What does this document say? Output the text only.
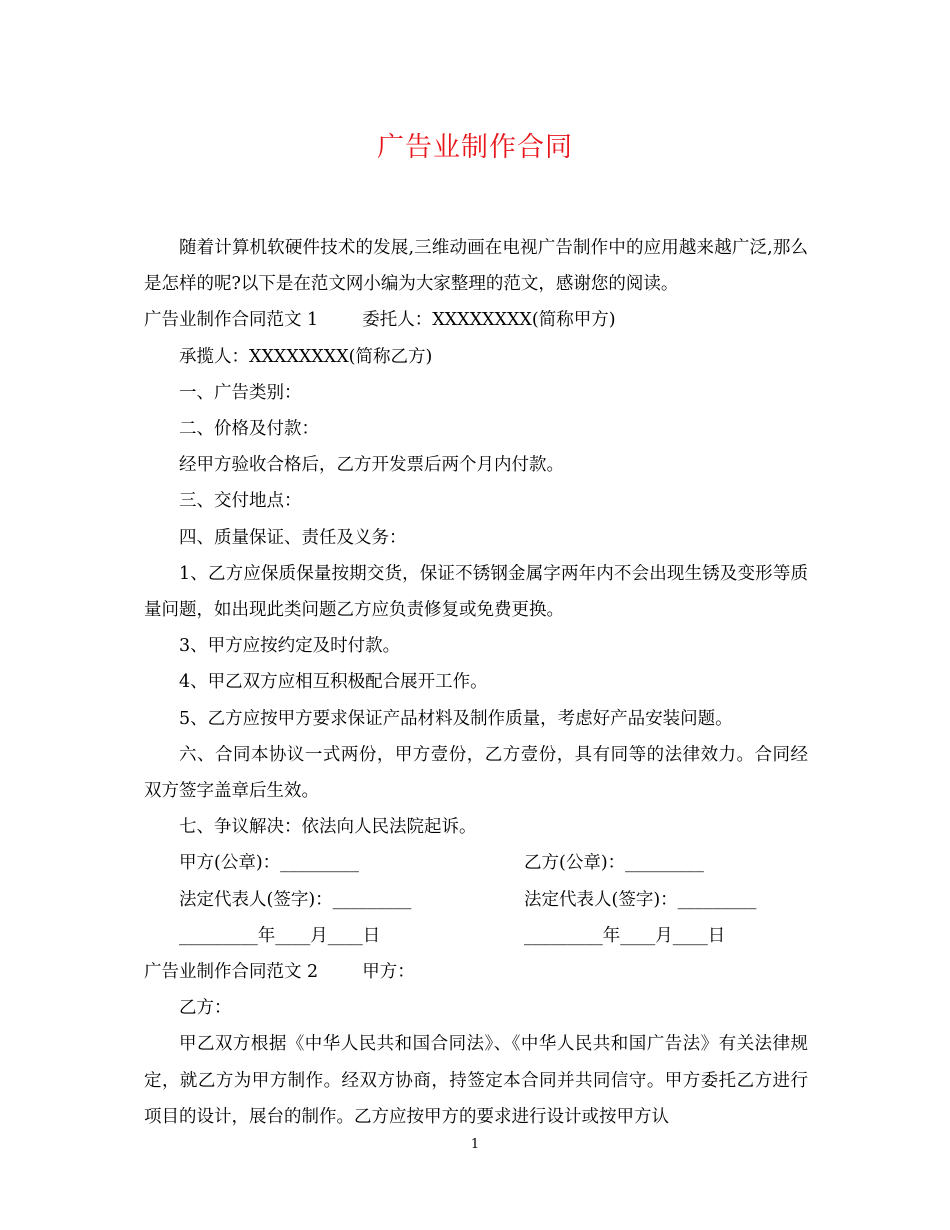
广告业制作合同

随着计算机软硬件技术的发展,三维动画在电视广告制作中的应用越来越广泛,那么是怎样的呢?以下是在范文网小编为大家整理的范文，感谢您的阅读。

广告业制作合同范文 1	委托人：XXXXXXXX(简称甲方)

承揽人：XXXXXXXX(简称乙方)

一、广告类别：

二、价格及付款：

经甲方验收合格后，乙方开发票后两个月内付款。

三、交付地点：

四、质量保证、责任及义务：

1、乙方应保质保量按期交货，保证不锈钢金属字两年内不会出现生锈及变形等质量问题，如出现此类问题乙方应负责修复或免费更换。

3、甲方应按约定及时付款。

4、甲乙双方应相互积极配合展开工作。

5、乙方应按甲方要求保证产品材料及制作质量，考虑好产品安装问题。

六、合同本协议一式两份，甲方壹份，乙方壹份，具有同等的法律效力。合同经双方签字盖章后生效。

七、争议解决：依法向人民法院起诉。

甲方(公章)：_________	乙方(公章)：_________
法定代表人(签字)：_________	法定代表人(签字)：_________
_________年____月____日	_________年____月____日

广告业制作合同范文 2	甲方：

乙方：

甲乙双方根据《中华人民共和国合同法》、《中华人民共和国广告法》有关法律规定，就乙方为甲方制作。经双方协商，持签定本合同并共同信守。甲方委托乙方进行项目的设计，展台的制作。乙方应按甲方的要求进行设计或按甲方认

1
